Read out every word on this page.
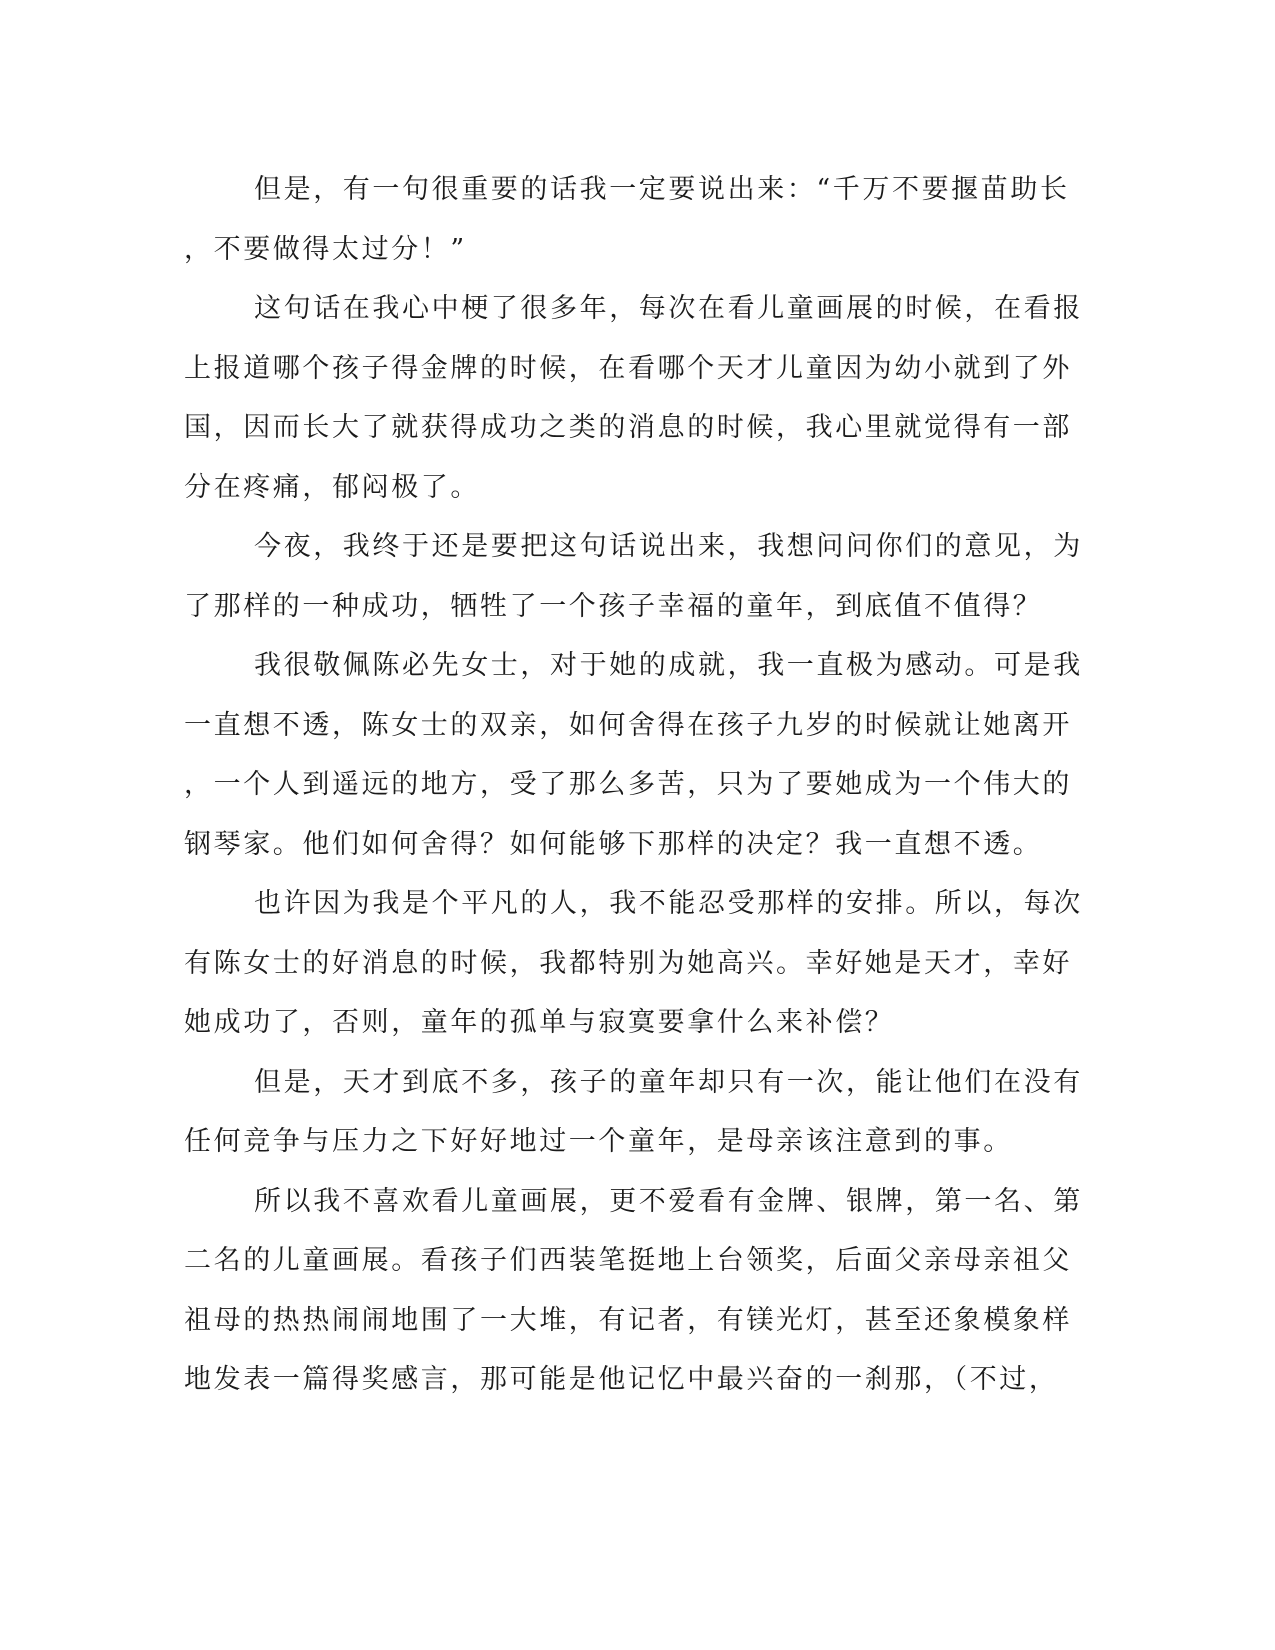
但是，有一句很重要的话我一定要说出来：“千万不要揠苗助长
，不要做得太过分！”
这句话在我心中梗了很多年，每次在看儿童画展的时候，在看报
上报道哪个孩子得金牌的时候，在看哪个天才儿童因为幼小就到了外
国，因而长大了就获得成功之类的消息的时候，我心里就觉得有一部
分在疼痛，郁闷极了。
今夜，我终于还是要把这句话说出来，我想问问你们的意见，为
了那样的一种成功，牺牲了一个孩子幸福的童年，到底值不值得？
我很敬佩陈必先女士，对于她的成就，我一直极为感动。可是我
一直想不透，陈女士的双亲，如何舍得在孩子九岁的时候就让她离开
，一个人到遥远的地方，受了那么多苦，只为了要她成为一个伟大的
钢琴家。他们如何舍得？如何能够下那样的决定？我一直想不透。
也许因为我是个平凡的人，我不能忍受那样的安排。所以，每次
有陈女士的好消息的时候，我都特别为她高兴。幸好她是天才，幸好
她成功了，否则，童年的孤单与寂寞要拿什么来补偿？
但是，天才到底不多，孩子的童年却只有一次，能让他们在没有
任何竞争与压力之下好好地过一个童年，是母亲该注意到的事。
所以我不喜欢看儿童画展，更不爱看有金牌、银牌，第一名、第
二名的儿童画展。看孩子们西装笔挺地上台领奖，后面父亲母亲祖父
祖母的热热闹闹地围了一大堆，有记者，有镁光灯，甚至还象模象样
地发表一篇得奖感言，那可能是他记忆中最兴奋的一刹那，（不过，
